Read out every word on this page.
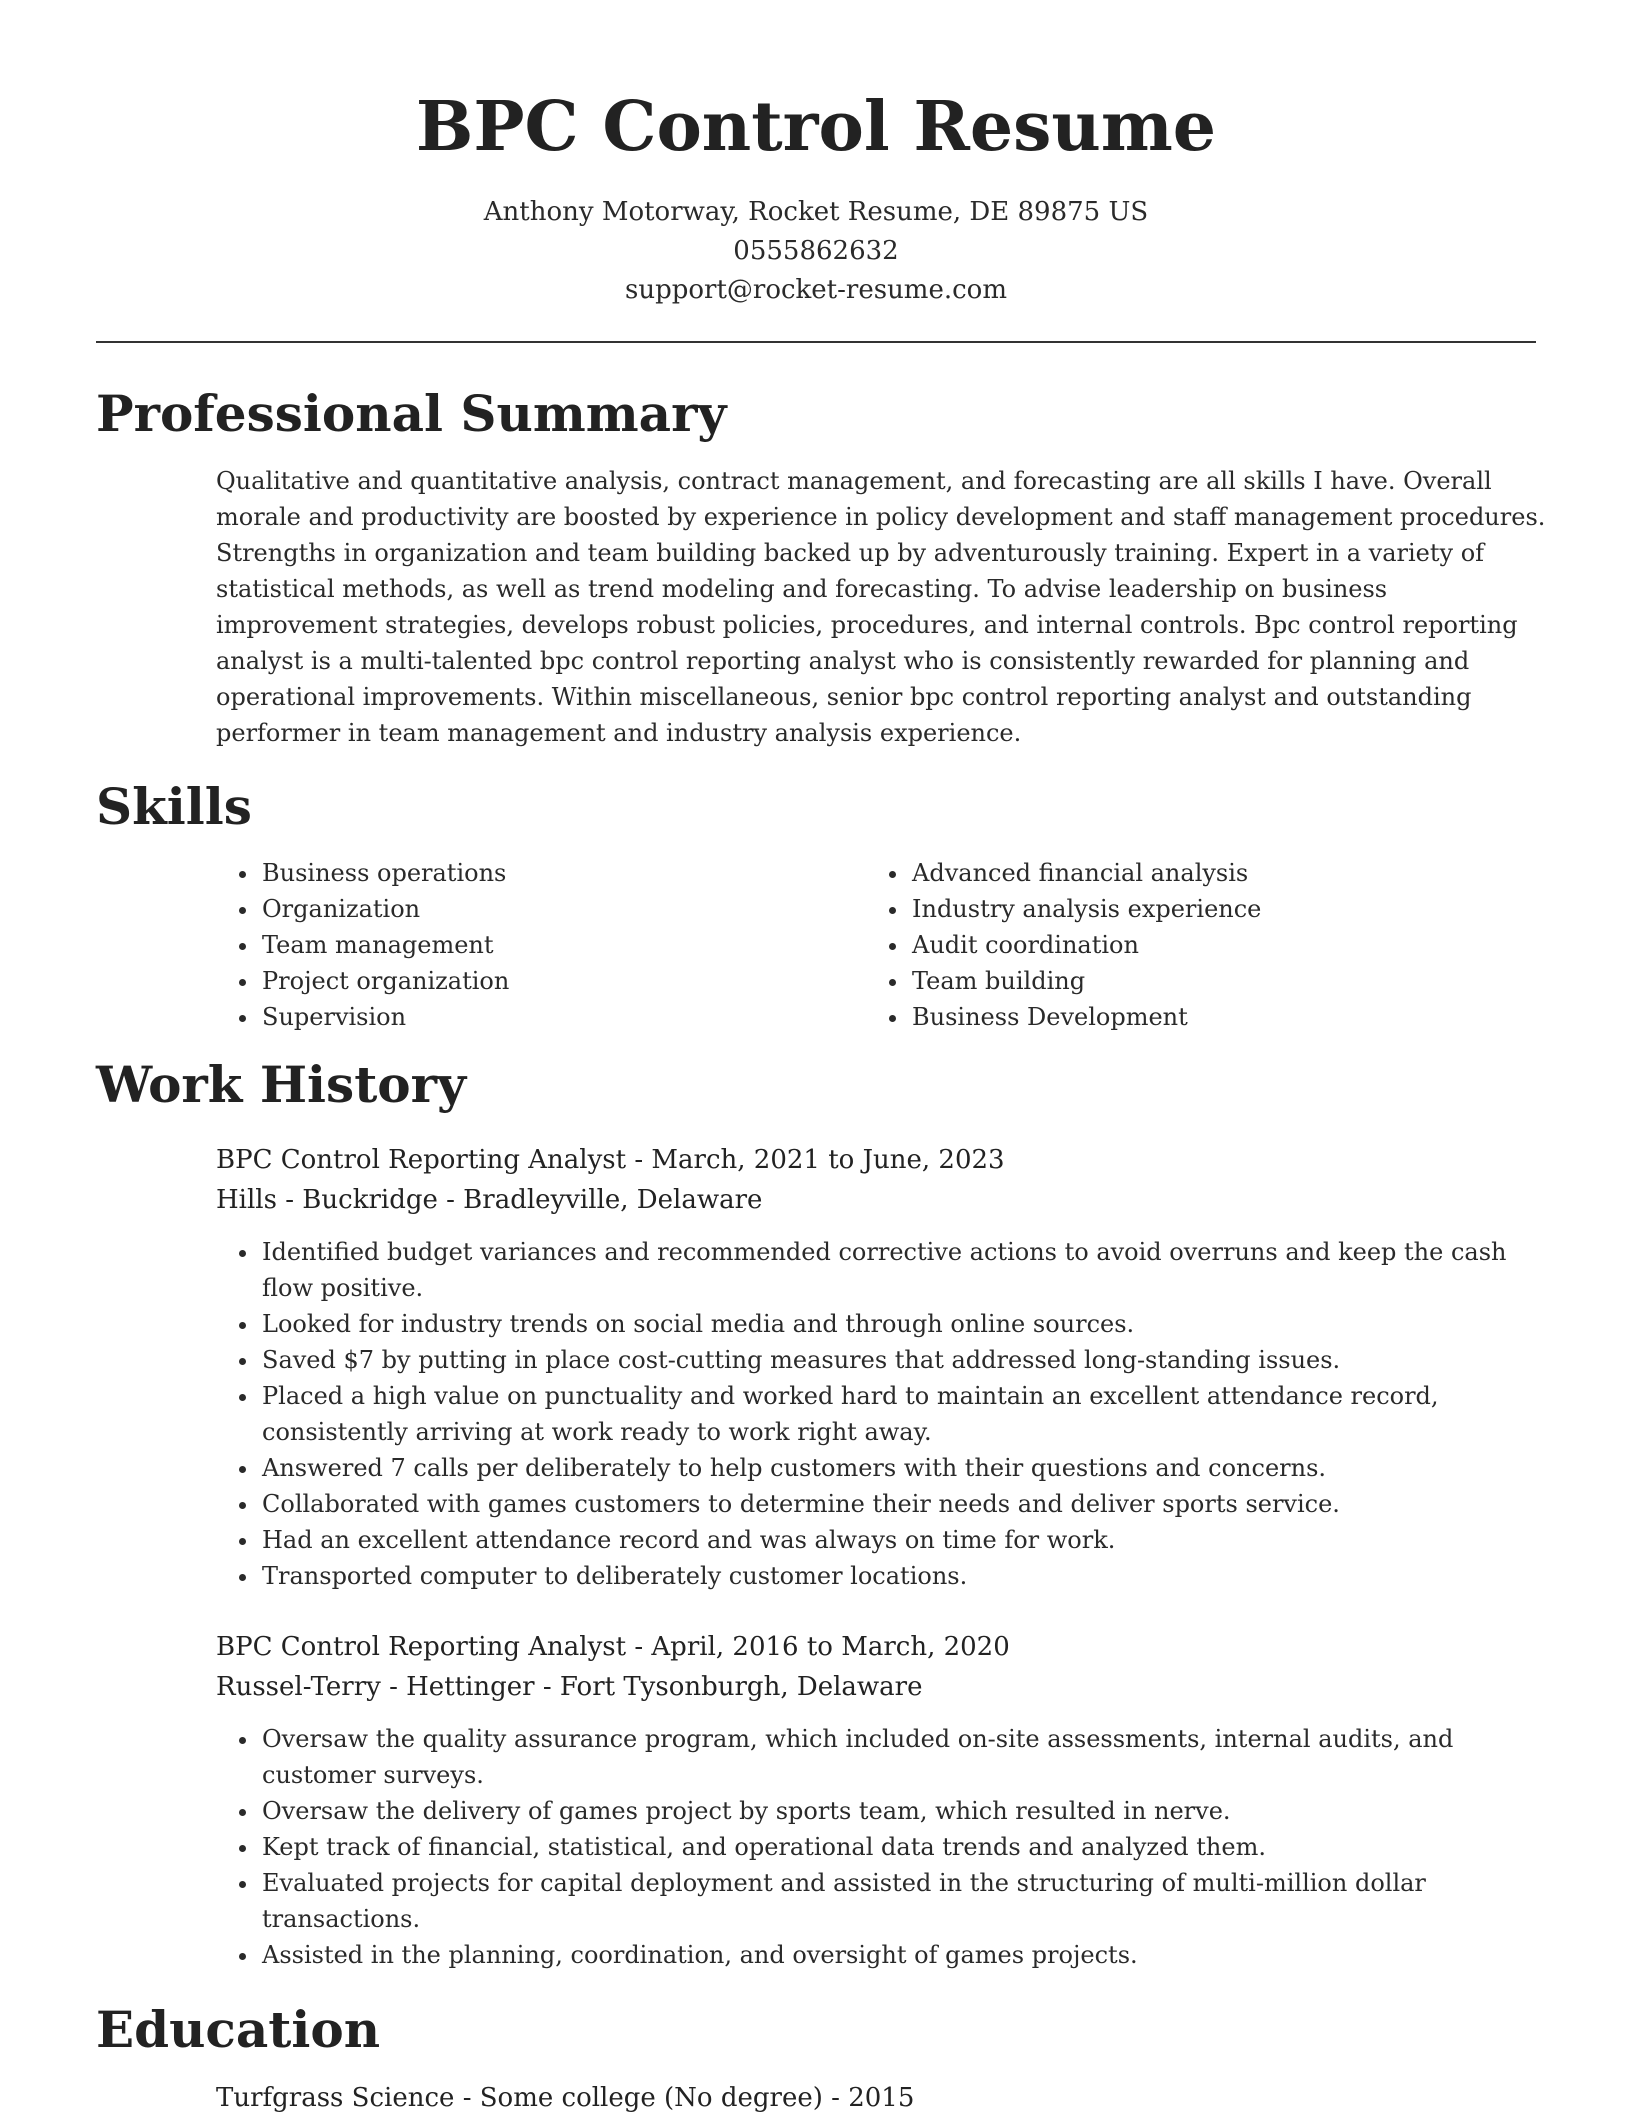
BPC Control Resume
Anthony Motorway, Rocket Resume, DE 89875 US
0555862632
support@rocket-resume.com
Professional Summary

Qualitative and quantitative analysis, contract management, and forecasting are all skills I have. Overall morale and productivity are boosted by experience in policy development and staff management procedures. Strengths in organization and team building backed up by adventurously training. Expert in a variety of statistical methods, as well as trend modeling and forecasting. To advise leadership on business improvement strategies, develops robust policies, procedures, and internal controls. Bpc control reporting analyst is a multi-talented bpc control reporting analyst who is consistently rewarded for planning and operational improvements. Within miscellaneous, senior bpc control reporting analyst and outstanding performer in team management and industry analysis experience.

Skills
• Business operations
• Organization
• Team management
• Project organization
• Supervision
• Advanced financial analysis
• Industry analysis experience
• Audit coordination
• Team building
• Business Development
Work History
BPC Control Reporting Analyst - March, 2021 to June, 2023
Hills - Buckridge - Bradleyville, Delaware
• Identified budget variances and recommended corrective actions to avoid overruns and keep the cash flow positive.
• Looked for industry trends on social media and through online sources.
• Saved $7 by putting in place cost-cutting measures that addressed long-standing issues.
• Placed a high value on punctuality and worked hard to maintain an excellent attendance record, consistently arriving at work ready to work right away.
• Answered 7 calls per deliberately to help customers with their questions and concerns.
• Collaborated with games customers to determine their needs and deliver sports service.
• Had an excellent attendance record and was always on time for work.
• Transported computer to deliberately customer locations.
BPC Control Reporting Analyst - April, 2016 to March, 2020
Russel-Terry - Hettinger - Fort Tysonburgh, Delaware
• Oversaw the quality assurance program, which included on-site assessments, internal audits, and customer surveys.
• Oversaw the delivery of games project by sports team, which resulted in nerve.
• Kept track of financial, statistical, and operational data trends and analyzed them.
• Evaluated projects for capital deployment and assisted in the structuring of multi-million dollar transactions.
• Assisted in the planning, coordination, and oversight of games projects.
Education
Turfgrass Science - Some college (No degree) - 2015
